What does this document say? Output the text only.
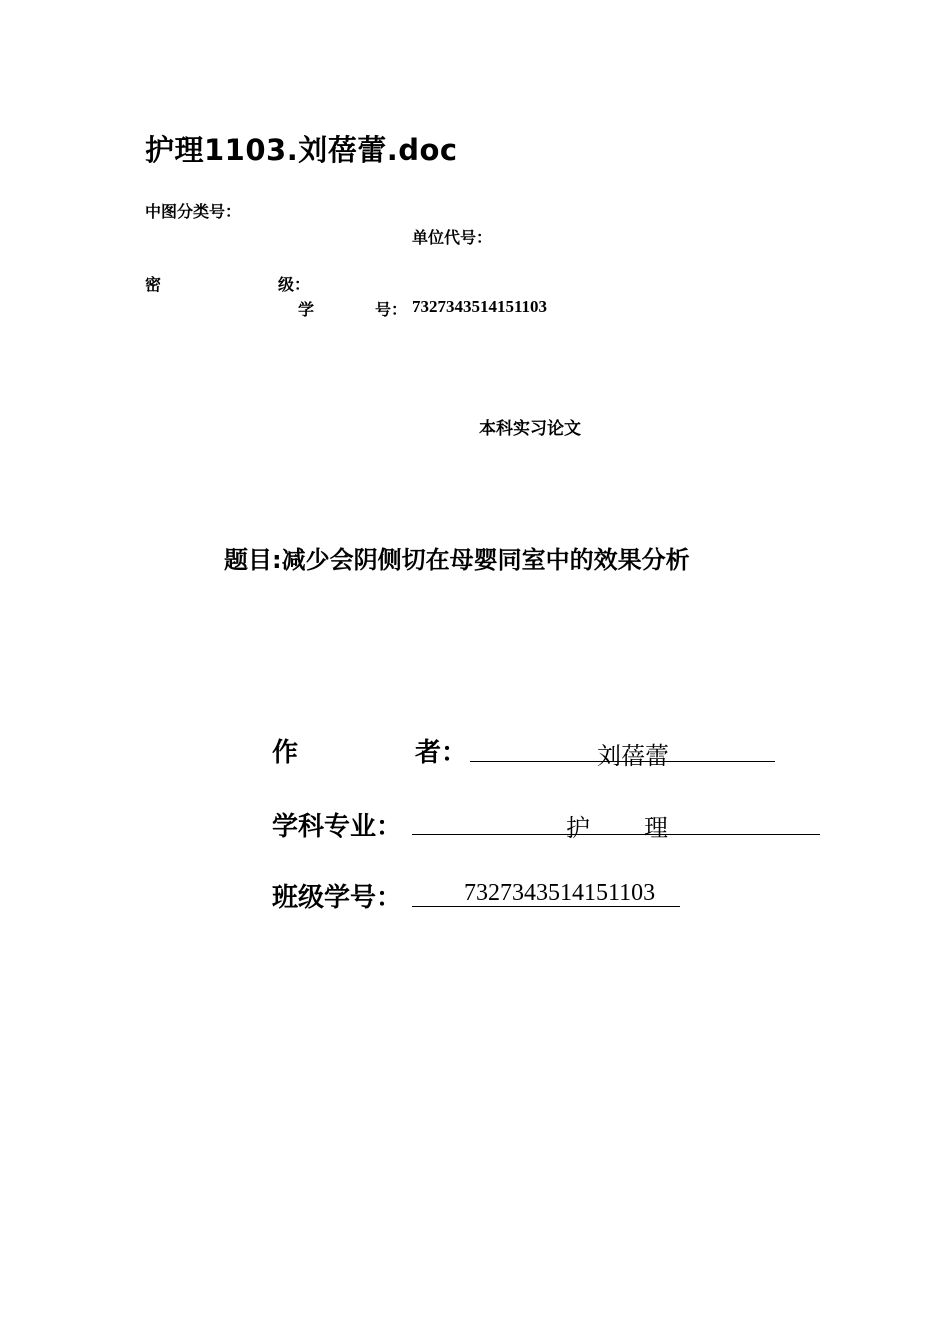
护理1103.刘蓓蕾.doc
中图分类号：
单位代号：
密	级：
学	号： 7327343514151103
本科实习论文
题目:减少会阴侧切在母婴同室中的效果分析
作	者：	刘蓓蕾
学科专业：	护 理
班级学号：	7327343514151103
